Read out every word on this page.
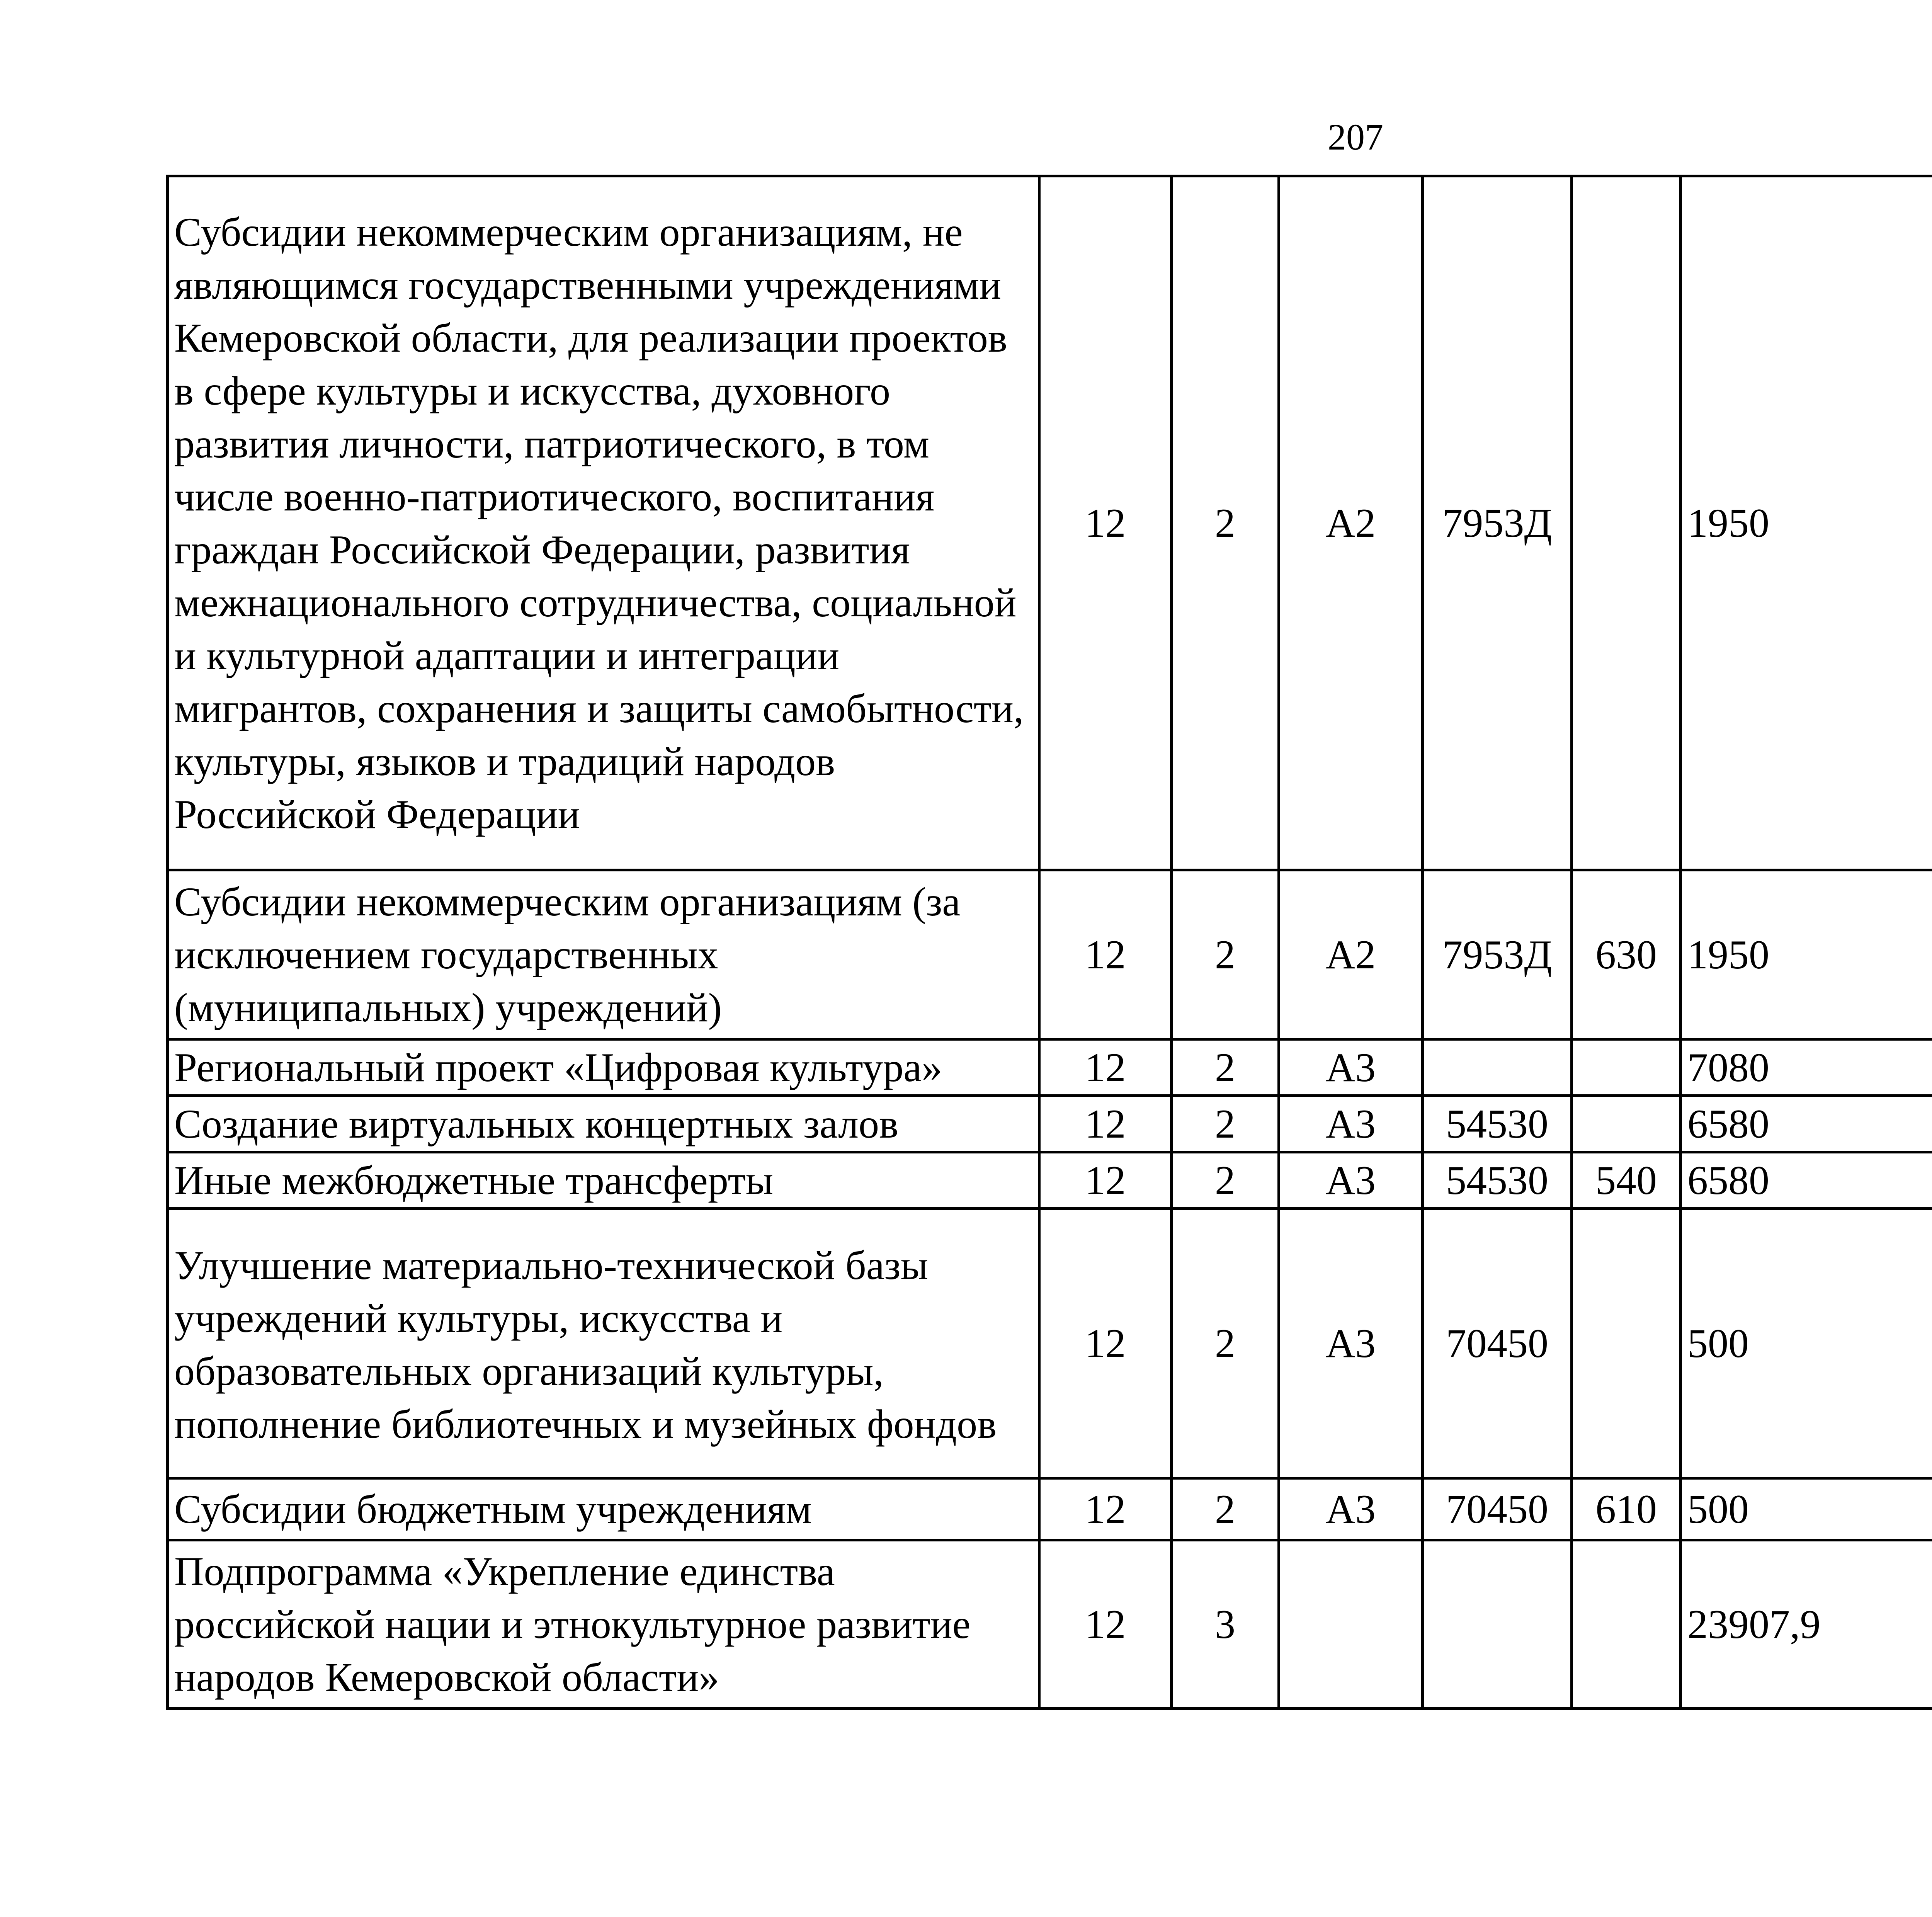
207
Субсидии некоммерческим организациям, не являющимся государственными учреждениями Кемеровской области, для реализации проектов в сфере культуры и искусства, духовного развития личности, патриотического, в том числе военно-патриотического, воспитания граждан Российской Федерации, развития межнационального сотрудничества, социальной и культурной адаптации и интеграции мигрантов, сохранения и защиты самобытности, культуры, языков и традиций народов Российской Федерации	12	2	А2	7953Д		1950		
Субсидии некоммерческим организациям (за исключением государственных (муниципальных) учреждений)	12	2	А2	7953Д	630	1950		
Региональный проект «Цифровая культура»	12	2	А3			7080		
Создание виртуальных концертных залов	12	2	А3	54530		6580		
Иные межбюджетные трансферты	12	2	А3	54530	540	6580		
Улучшение материально-технической базы учреждений культуры, искусства и образовательных организаций культуры, пополнение библиотечных и музейных фондов	12	2	А3	70450		500		
Субсидии бюджетным учреждениям	12	2	А3	70450	610	500		
Подпрограмма «Укрепление единства российской нации и этнокультурное развитие народов Кемеровской области»	12	3				23907,9		
